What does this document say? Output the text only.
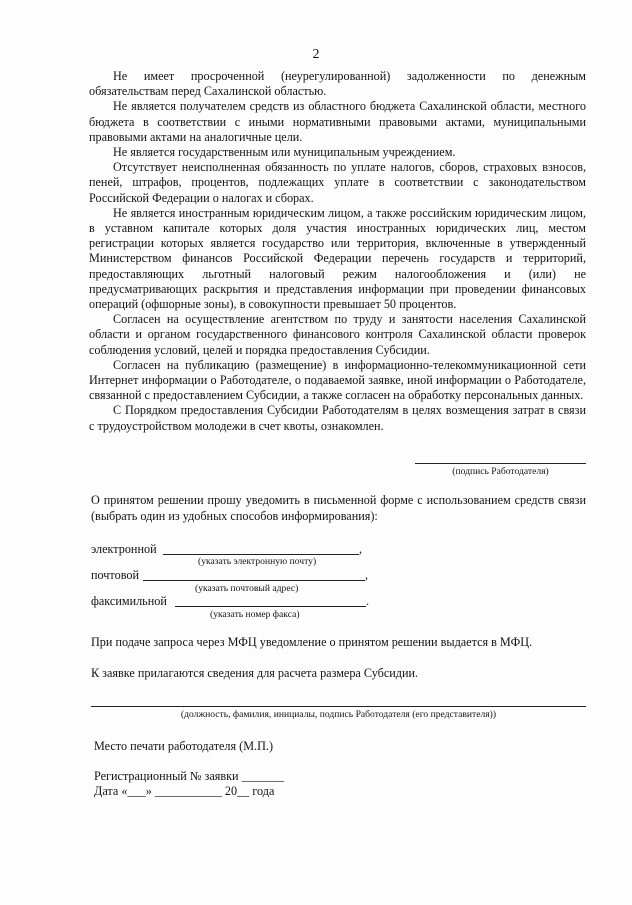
2

Не имеет просроченной (неурегулированной) задолженности по денежным обязательствам перед Сахалинской областью.

Не является получателем средств из областного бюджета Сахалинской области, местного бюджета в соответствии с иными нормативными правовыми актами, муниципальными правовыми актами на аналогичные цели.

Не является государственным или муниципальным учреждением.

Отсутствует неисполненная обязанность по уплате налогов, сборов, страховых взносов, пеней, штрафов, процентов, подлежащих уплате в соответствии с законодательством Российской Федерации о налогах и сборах.

Не является иностранным юридическим лицом, а также российским юридическим лицом, в уставном капитале которых доля участия иностранных юридических лиц, местом регистрации которых является государство или территория, включенные в утвержденный Министерством финансов Российской Федерации перечень государств и территорий, предоставляющих льготный налоговый режим налогообложения и (или) не предусматривающих раскрытия и представления информации при проведении финансовых операций (офшорные зоны), в совокупности превышает 50 процентов.

Согласен на осуществление агентством по труду и занятости населения Сахалинской области и органом государственного финансового контроля Сахалинской области проверок соблюдения условий, целей и порядка предоставления Субсидии.

Согласен на публикацию (размещение) в информационно-телекоммуникационной сети Интернет информации о Работодателе, о подаваемой заявке, иной информации о Работодателе, связанной с предоставлением Субсидии, а также согласен на обработку персональных данных.

С Порядком предоставления Субсидии Работодателям в целях возмещения затрат в связи с трудоустройством молодежи в счет квоты, ознакомлен.

(подпись Работодателя)

О принятом решении прошу уведомить в письменной форме с использованием средств связи (выбрать один из удобных способов информирования):

электронной	,
(указать электронную почту)
почтовой	,
(указать почтовый адрес)
факсимильной	.
(указать номер факса)

При подаче запроса через МФЦ уведомление о принятом решении выдается в МФЦ.

К заявке прилагаются сведения для расчета размера Субсидии.

(должность, фамилия, инициалы, подпись Работодателя (его представителя))
Место печати работодателя (М.П.)
Регистрационный № заявки _______
Дата «___» ___________ 20__ года
